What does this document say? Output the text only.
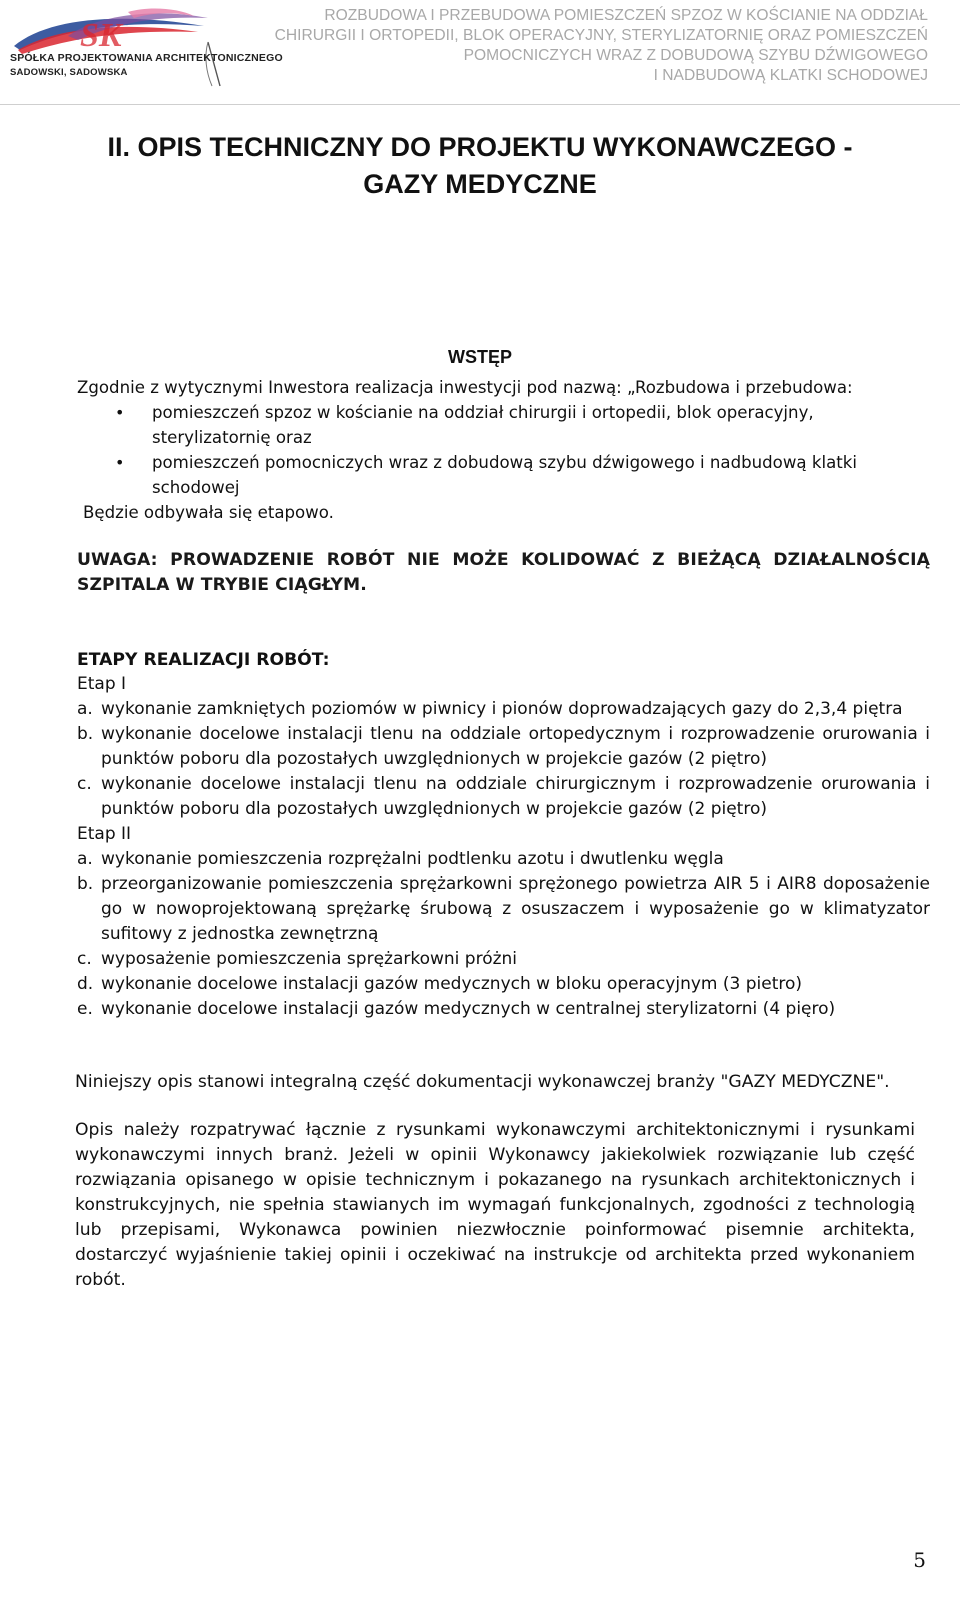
SK
SPÓŁKA PROJEKTOWANIA ARCHITEKTONICZNEGO
SADOWSKI, SADOWSKA
ROZBUDOWA I PRZEBUDOWA POMIESZCZEŃ SPZOZ W KOŚCIANIE NA ODDZIAŁ
CHIRURGII I ORTOPEDII, BLOK OPERACYJNY, STERYLIZATORNIĘ ORAZ POMIESZCZEŃ
POMOCNICZYCH WRAZ Z DOBUDOWĄ SZYBU DŹWIGOWEGO
I NADBUDOWĄ KLATKI SCHODOWEJ
II. OPIS TECHNICZNY DO PROJEKTU WYKONAWCZEGO -
GAZY MEDYCZNE
WSTĘP
Zgodnie z wytycznymi Inwestora realizacja inwestycji pod nazwą: „Rozbudowa i przebudowa:
• pomieszczeń spzoz w kościanie na oddział chirurgii i ortopedii, blok operacyjny, sterylizatornię oraz
• pomieszczeń pomocniczych wraz z dobudową szybu dźwigowego i nadbudową klatki schodowej
Będzie odbywała się etapowo.
UWAGA: PROWADZENIE ROBÓT NIE MOŻE KOLIDOWAĆ Z BIEŻĄCĄ DZIAŁALNOŚCIĄ SZPITALA W TRYBIE CIĄGŁYM.
ETAPY REALIZACJI ROBÓT:
Etap I
a. wykonanie zamkniętych poziomów w piwnicy i pionów doprowadzających gazy do 2,3,4 piętra
b. wykonanie docelowe instalacji tlenu na oddziale ortopedycznym i rozprowadzenie orurowania i punktów poboru dla pozostałych uwzględnionych w projekcie gazów (2 piętro)
c. wykonanie docelowe instalacji tlenu na oddziale chirurgicznym i rozprowadzenie orurowania i punktów poboru dla pozostałych uwzględnionych w projekcie gazów (2 piętro)
Etap II
a. wykonanie pomieszczenia rozprężalni podtlenku azotu i dwutlenku węgla
b. przeorganizowanie pomieszczenia sprężarkowni sprężonego powietrza AIR 5 i AIR8 doposażenie go w nowoprojektowaną sprężarkę śrubową z osuszaczem i wyposażenie go w klimatyzator sufitowy z jednostka zewnętrzną
c. wyposażenie pomieszczenia sprężarkowni próżni
d. wykonanie docelowe instalacji gazów medycznych w bloku operacyjnym (3 pietro)
e. wykonanie docelowe instalacji gazów medycznych w centralnej sterylizatorni (4 pięro)
Niniejszy opis stanowi integralną część dokumentacji wykonawczej branży "GAZY MEDYCZNE".
Opis należy rozpatrywać łącznie z rysunkami wykonawczymi architektonicznymi i rysunkami wykonawczymi innych branż. Jeżeli w opinii Wykonawcy jakiekolwiek rozwiązanie lub część rozwiązania opisanego w opisie technicznym i pokazanego na rysunkach architektonicznych i konstrukcyjnych, nie spełnia stawianych im wymagań funkcjonalnych, zgodności z technologią lub przepisami, Wykonawca powinien niezwłocznie poinformować pisemnie architekta, dostarczyć wyjaśnienie takiej opinii i oczekiwać na instrukcje od architekta przed wykonaniem robót.
5
